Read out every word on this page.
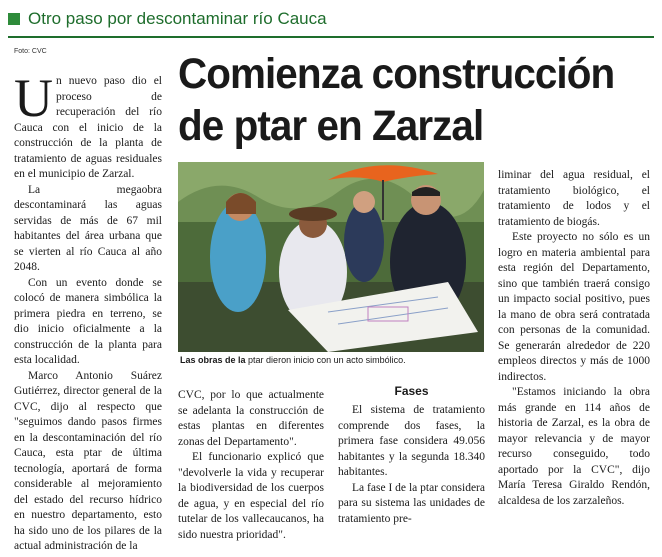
Otro paso por descontaminar río Cauca
Foto: CVC

Un nuevo paso dio el proceso de recuperación del río Cauca con el inicio de la construcción de la planta de tratamiento de aguas residuales en el municipio de Zarzal.

La megaobra descontaminará las aguas servidas de más de 67 mil habitantes del área urbana que se vierten al río Cauca al año 2048.

Con un evento donde se colocó de manera simbólica la primera piedra en terreno, se dio inicio oficialmente a la construcción de la planta para esta localidad.

Marco Antonio Suárez Gutiérrez, director general de la CVC, dijo al respecto que "seguimos dando pasos firmes en la descontaminación del río Cauca, esta ptar de última tecnología, aportará de forma considerable al mejoramiento del estado del recurso hídrico en nuestro departamento, esto ha sido uno de los pilares de la actual administración de la

Comienza construcción
de ptar en Zarzal
Las obras de la ptar dieron inicio con un acto simbólico.

CVC, por lo que actualmente se adelanta la construcción de estas plantas en diferentes zonas del Departamento".

El funcionario explicó que "devolverle la vida y recuperar la biodiversidad de los cuerpos de agua, y en especial del río tutelar de los vallecaucanos, ha sido nuestra prioridad".

Fases

El sistema de tratamiento comprende dos fases, la primera fase considera 49.056 habitantes y la segunda 18.340 habitantes.

La fase I de la ptar considera para su sistema las unidades de tratamiento pre-

liminar del agua residual, el tratamiento biológico, el tratamiento de lodos y el tratamiento de biogás.

Este proyecto no sólo es un logro en materia ambiental para esta región del Departamento, sino que también traerá consigo un impacto social positivo, pues la mano de obra será contratada con personas de la comunidad. Se generarán alrededor de 220 empleos directos y más de 1000 indirectos.

"Estamos iniciando la obra más grande en 114 años de historia de Zarzal, es la obra de mayor relevancia y de mayor recurso conseguido, todo aportado por la CVC", dijo María Teresa Giraldo Rendón, alcaldesa de los zarzaleños.
